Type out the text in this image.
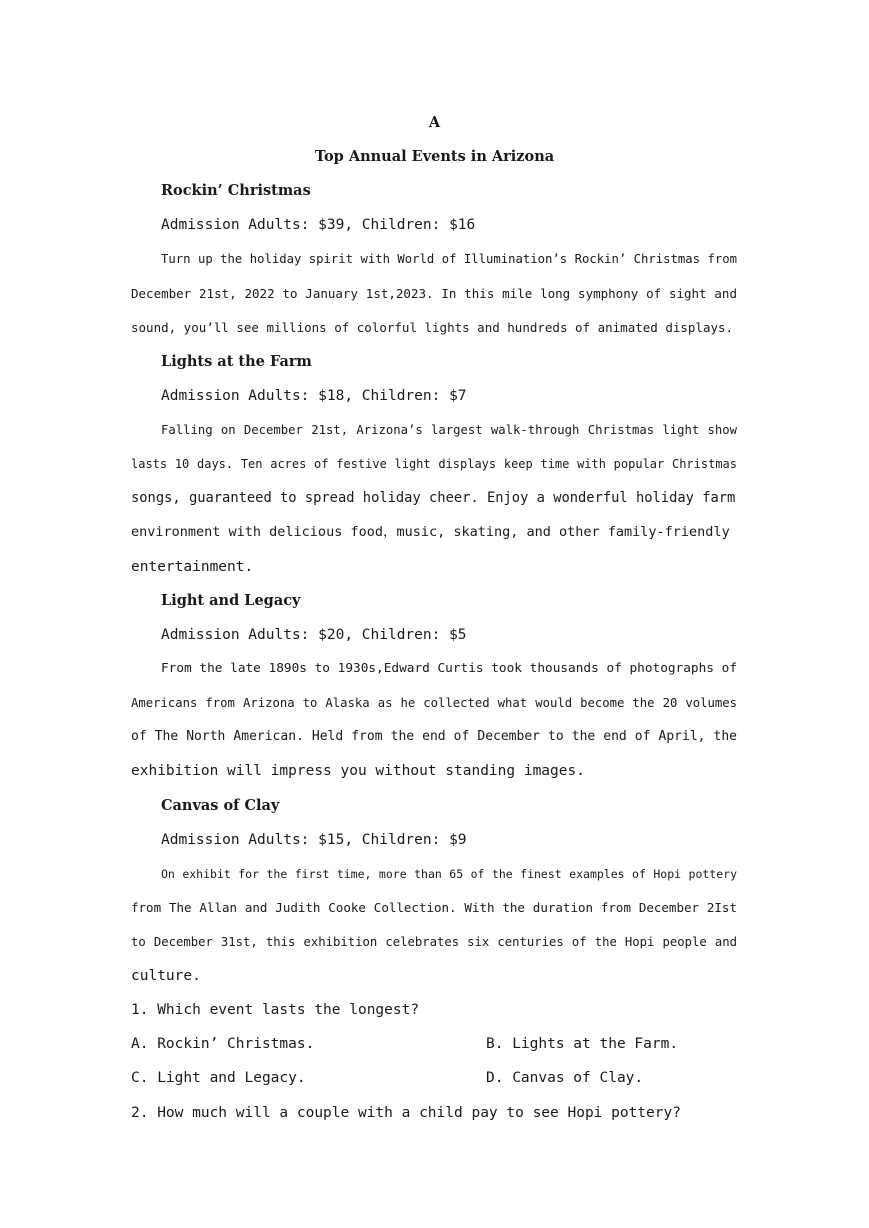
A
Top Annual Events in Arizona
Rockin’ Christmas
Admission Adults: $39, Children: $16
Turn up the holiday spirit with World of Illumination’s Rockin’ Christmas from
December 21st, 2022 to January 1st,2023. In this mile long symphony of sight and
sound, you’ll see millions of colorful lights and hundreds of animated displays.
Lights at the Farm
Admission Adults: $18, Children: $7
Falling on December 21st, Arizona’s largest walk-through Christmas light show
lasts 10 days. Ten acres of festive light displays keep time with popular Christmas
songs, guaranteed to spread holiday cheer. Enjoy a wonderful holiday farm
environment with delicious food，music, skating, and other family-friendly
entertainment.
Light and Legacy
Admission Adults: $20, Children: $5
From the late 1890s to 1930s,Edward Curtis took thousands of photographs of
Americans from Arizona to Alaska as he collected what would become the 20 volumes
of The North American. Held from the end of December to the end of April, the
exhibition will impress you without standing images.
Canvas of Clay
Admission Adults: $15, Children: $9
On exhibit for the first time, more than 65 of the finest examples of Hopi pottery
from The Allan and Judith Cooke Collection. With the duration from December 2Ist
to December 31st, this exhibition celebrates six centuries of the Hopi people and
culture.
1. Which event lasts the longest?
A. Rockin’ Christmas.	B. Lights at the Farm.
C. Light and Legacy.	D. Canvas of Clay.
2. How much will a couple with a child pay to see Hopi pottery?
